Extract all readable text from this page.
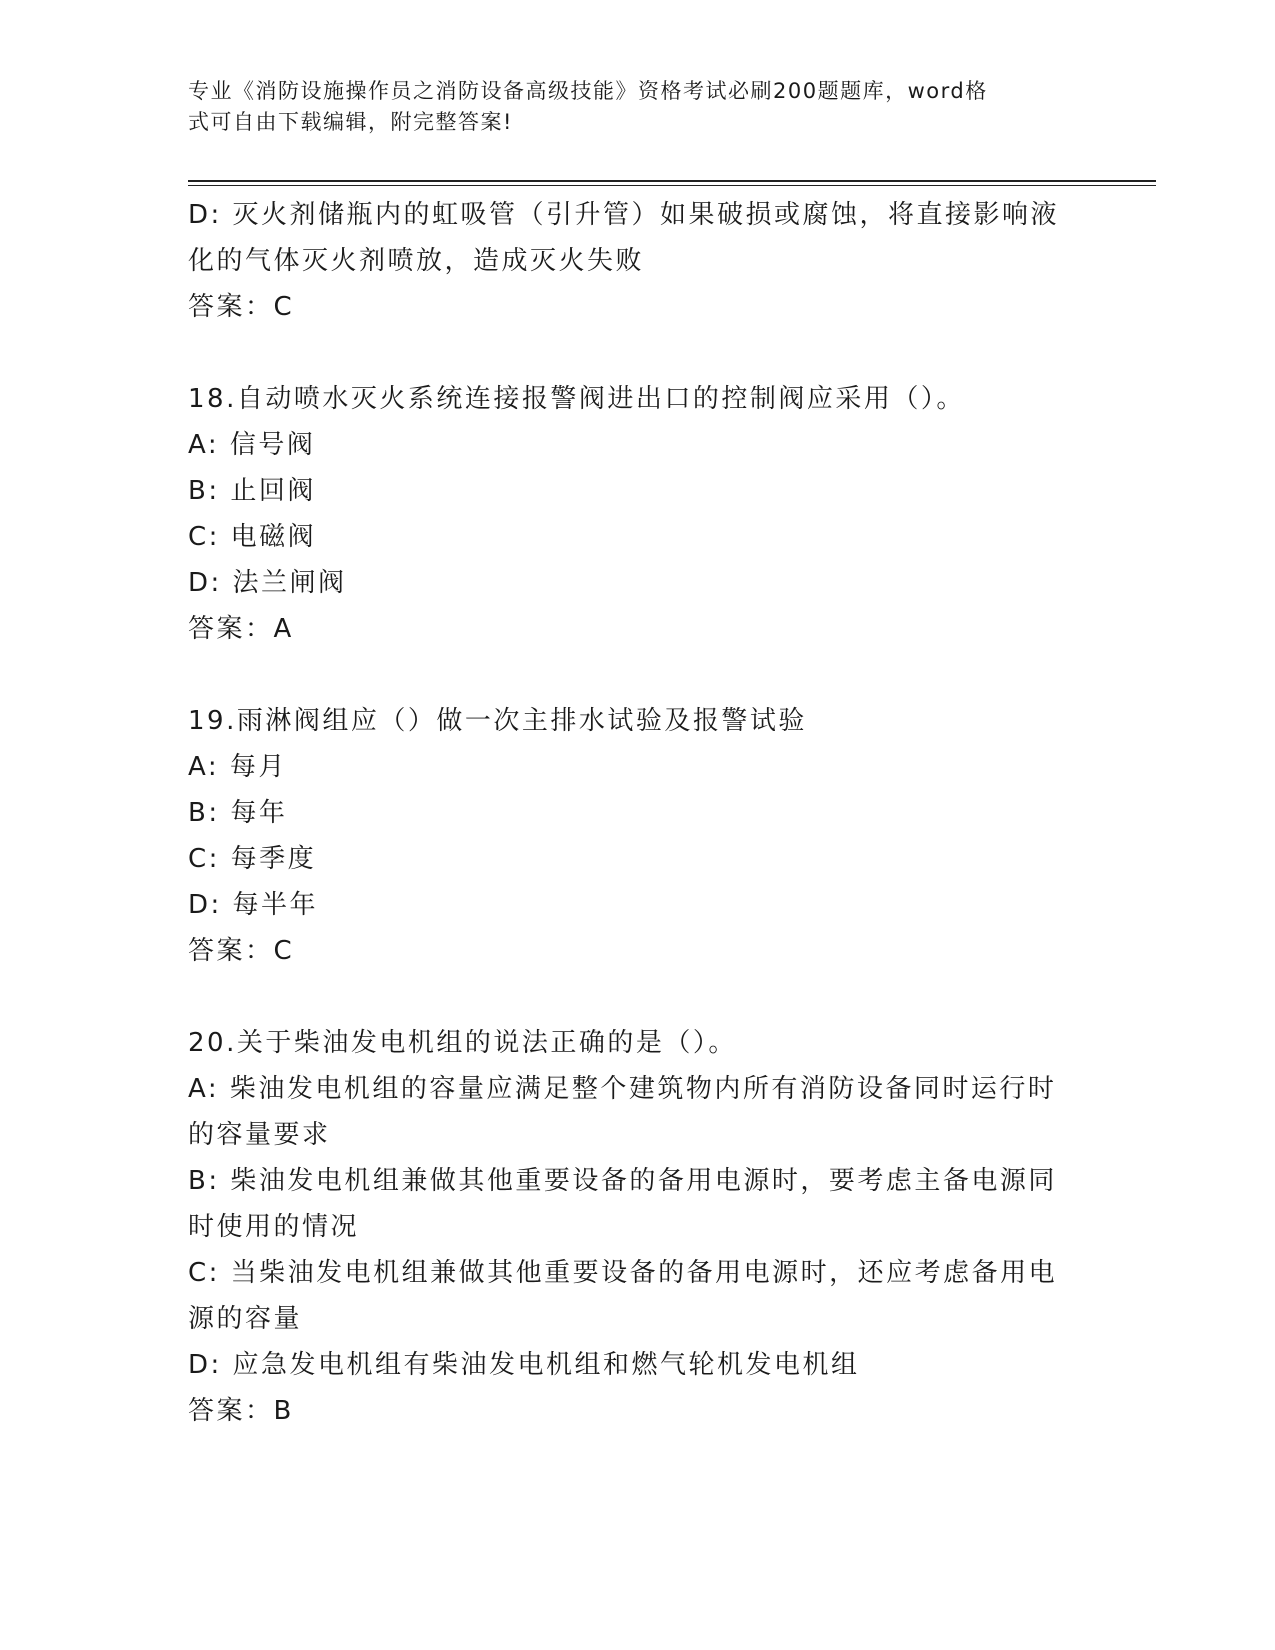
专业《消防设施操作员之消防设备高级技能》资格考试必刷200题题库，word格
式可自由下载编辑，附完整答案!
D: 灭火剂储瓶内的虹吸管（引升管）如果破损或腐蚀，将直接影响液
化的气体灭火剂喷放，造成灭火失败
答案：C
18.自动喷水灭火系统连接报警阀进出口的控制阀应采用（）。
A: 信号阀
B: 止回阀
C: 电磁阀
D: 法兰闸阀
答案：A
19.雨淋阀组应（）做一次主排水试验及报警试验
A: 每月
B: 每年
C: 每季度
D: 每半年
答案：C
20.关于柴油发电机组的说法正确的是（）。
A: 柴油发电机组的容量应满足整个建筑物内所有消防设备同时运行时
的容量要求
B: 柴油发电机组兼做其他重要设备的备用电源时，要考虑主备电源同
时使用的情况
C: 当柴油发电机组兼做其他重要设备的备用电源时，还应考虑备用电
源的容量
D: 应急发电机组有柴油发电机组和燃气轮机发电机组
答案：B
